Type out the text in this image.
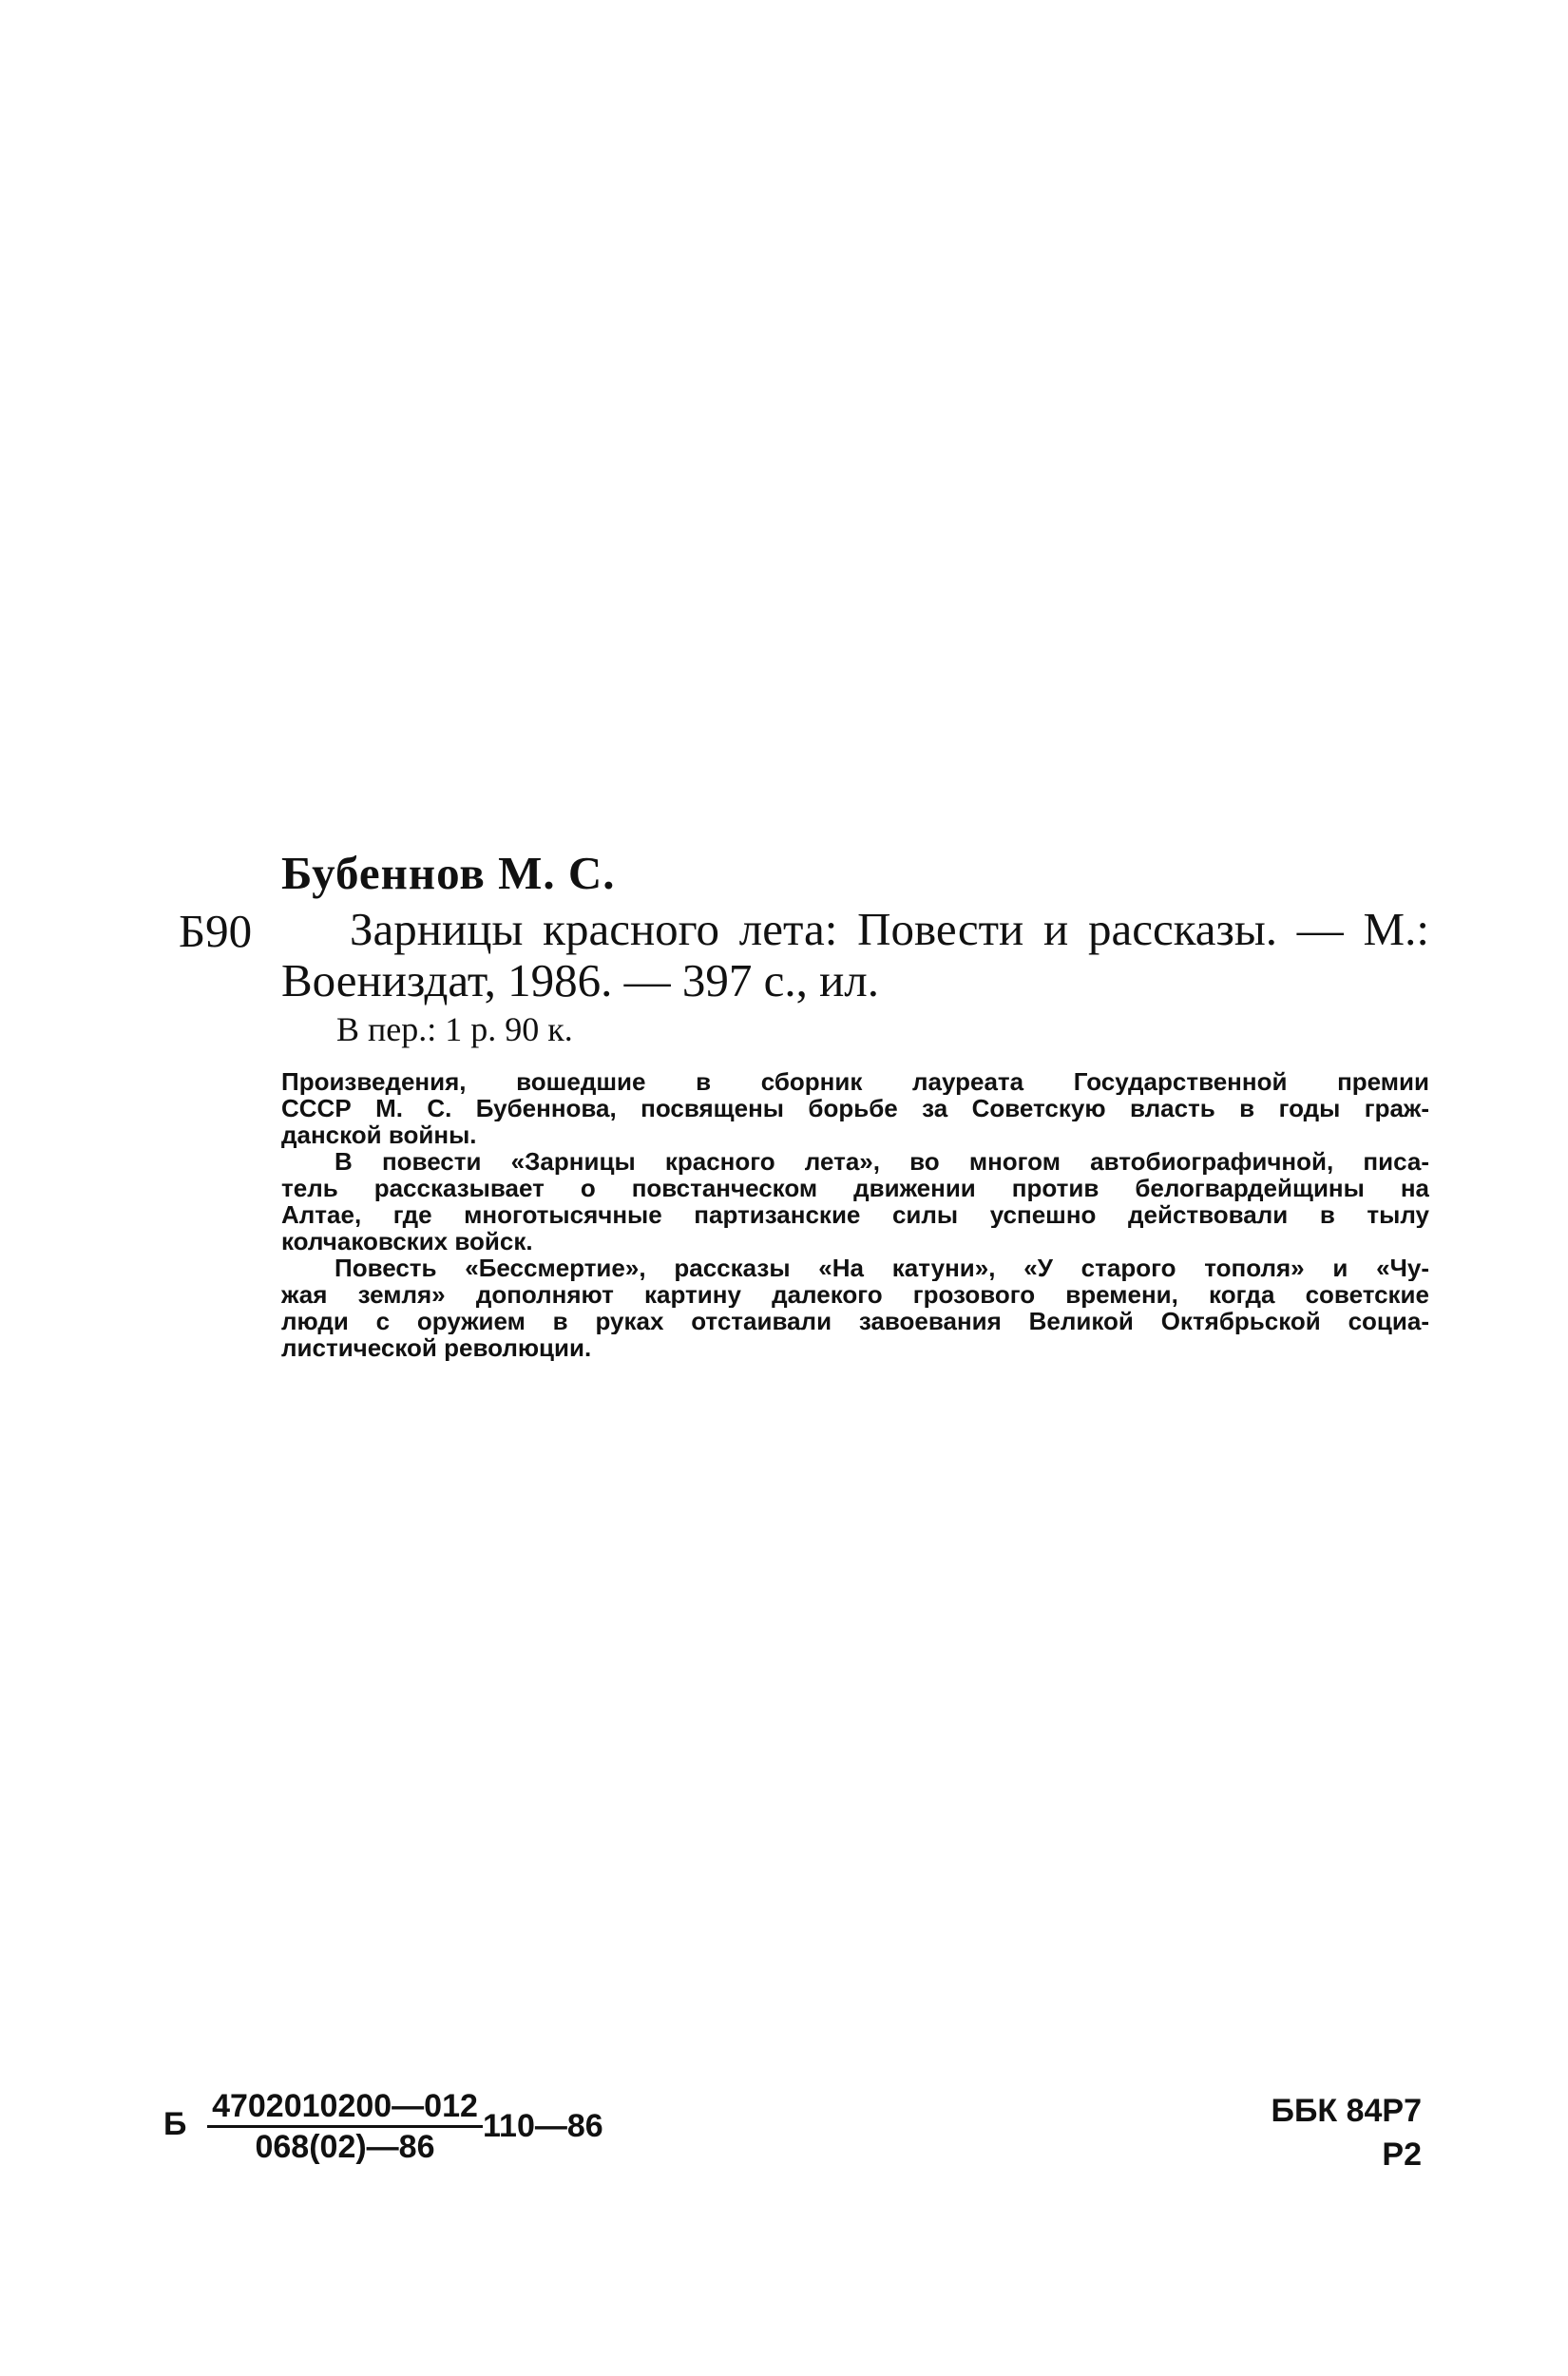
Бубеннов М. С.
Б90	Зарницы красного лета: Повести и рассказы. — М.:
Воениздат, 1986. — 397 с., ил.
В пер.: 1 р. 90 к.
Произведения, вошедшие в сборник лауреата Государственной премии
СССР М. С. Бубеннова, посвящены борьбе за Советскую власть в годы граж-
данской войны.
В повести «Зарницы красного лета», во многом автобиографичной, писа-
тель рассказывает о повстанческом движении против белогвардейщины на
Алтае, где многотысячные партизанские силы успешно действовали в тылу
колчаковских войск.
Повесть «Бессмертие», рассказы «На катуни», «У старого тополя» и «Чу-
жая земля» дополняют картину далекого грозового времени, когда советские
люди с оружием в руках отстаивали завоевания Великой Октябрьской социа-
листической революции.
Б $\frac{4702010200—012}{068(02)—86}$ 110—86	ББК 84Р7
Р2
